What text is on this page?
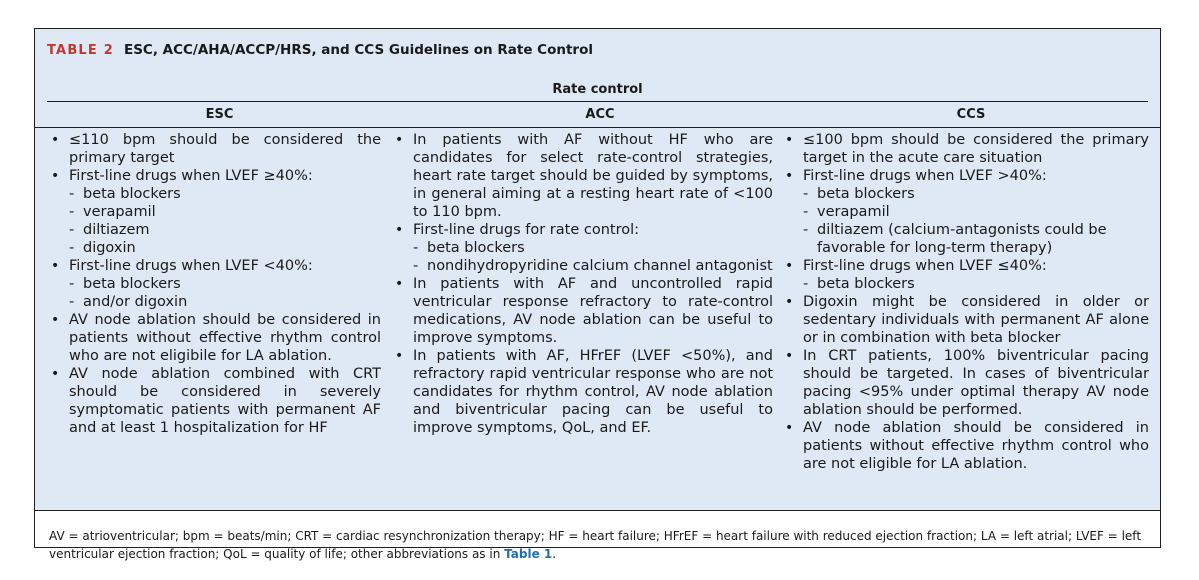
TABLE 2 ESC, ACC/AHA/ACCP/HRS, and CCS Guidelines on Rate Control
Rate control
ESC	ACC	CCS
• ≤110 bpm should be considered the primary target
• First-line drugs when LVEF ≥40%:
- beta blockers
- verapamil
- diltiazem
- digoxin
• First-line drugs when LVEF <40%:
- beta blockers
- and/or digoxin
• AV node ablation should be considered in patients without effective rhythm control who are not eligibile for LA ablation.
• AV node ablation combined with CRT should be considered in severely symptomatic patients with permanent AF and at least 1 hospitalization for HF
• In patients with AF without HF who are candidates for select rate-control strategies, heart rate target should be guided by symptoms, in general aiming at a resting heart rate of <100 to 110 bpm.
• First-line drugs for rate control:
- beta blockers
- nondihydropyridine calcium channel antagonist
• In patients with AF and uncontrolled rapid ventricular response refractory to rate-control medications, AV node ablation can be useful to improve symptoms.
• In patients with AF, HFrEF (LVEF <50%), and refractory rapid ventricular response who are not candidates for rhythm control, AV node ablation and biventricular pacing can be useful to improve symptoms, QoL, and EF.
• ≤100 bpm should be considered the primary target in the acute care situation
• First-line drugs when LVEF >40%:
- beta blockers
- verapamil
- diltiazem (calcium-antagonists could be favorable for long-term therapy)
• First-line drugs when LVEF ≤40%:
- beta blockers
• Digoxin might be considered in older or sedentary individuals with permanent AF alone or in combination with beta blocker
• In CRT patients, 100% biventricular pacing should be targeted. In cases of biventricular pacing <95% under optimal therapy AV node ablation should be performed.
• AV node ablation should be considered in patients without effective rhythm control who are not eligible for LA ablation.
AV = atrioventricular; bpm = beats/min; CRT = cardiac resynchronization therapy; HF = heart failure; HFrEF = heart failure with reduced ejection fraction; LA = left atrial; LVEF = left ventricular ejection fraction; QoL = quality of life; other abbreviations as in Table 1.
